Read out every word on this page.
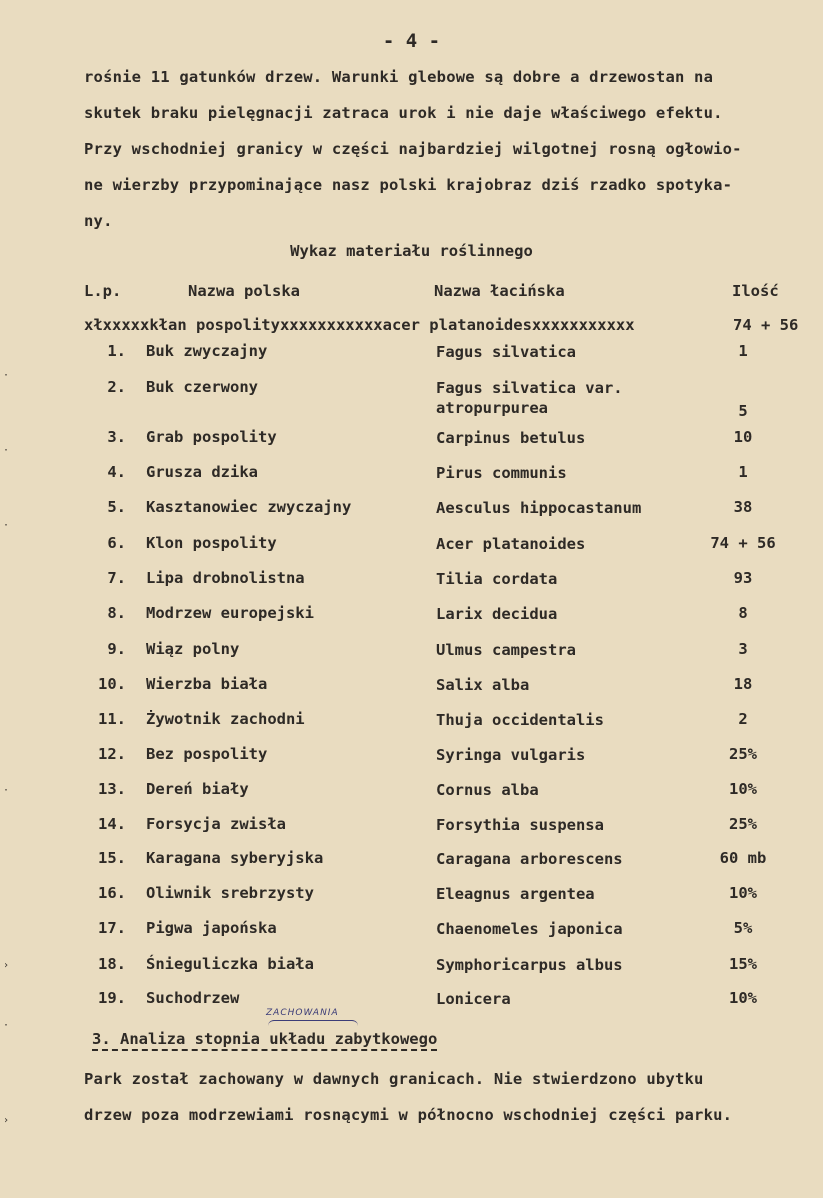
- 4 -
rośnie 11 gatunków drzew. Warunki glebowe są dobre a drzewostan na
skutek braku pielęgnacji zatraca urok i nie daje właściwego efektu.
Przy wschodniej granicy w części najbardziej wilgotnej rosną ogłowio-
ne wierzby przypominające nasz polski krajobraz dziś rzadko spotyka-
ny.
Wykaz materiału roślinnego
L.p.	Nazwa polska	Nazwa łacińska	Ilość
xłxxxxxkłan pospolityxxxxxxxxxxxacer platanoidesxxxxxxxxxxx	74 + 56
1. Buk zwyczajny	Fagus silvatica	1
2. Buk czerwony	Fagus silvatica var.
atropurpurea	5
3. Grab pospolity	Carpinus betulus	10
4. Grusza dzika	Pirus communis	1
5. Kasztanowiec zwyczajny	Aesculus hippocastanum	38
6. Klon pospolity	Acer platanoides	74 + 56
7. Lipa drobnolistna	Tilia cordata	93
8. Modrzew europejski	Larix decidua	8
9. Wiąz polny	Ulmus campestra	3
10. Wierzba biała	Salix alba	18
11. Żywotnik zachodni	Thuja occidentalis	2
12. Bez pospolity	Syringa vulgaris	25%
13. Dereń biały	Cornus alba	10%
14. Forsycja zwisła	Forsythia suspensa	25%
15. Karagana syberyjska	Caragana arborescens	60 mb
16. Oliwnik srebrzysty	Eleagnus argentea	10%
17. Pigwa japońska	Chaenomeles japonica	5%
18. Śnieguliczka biała	Symphoricarpus albus	15%
19. Suchodrzew	Lonicera	10%
ZACHOWANIA
3. Analiza stopnia układu zabytkowego
Park został zachowany w dawnych granicach. Nie stwierdzono ubytku
drzew poza modrzewiami rosnącymi w północno wschodniej części parku.
·
·
·
·
›
·
›
